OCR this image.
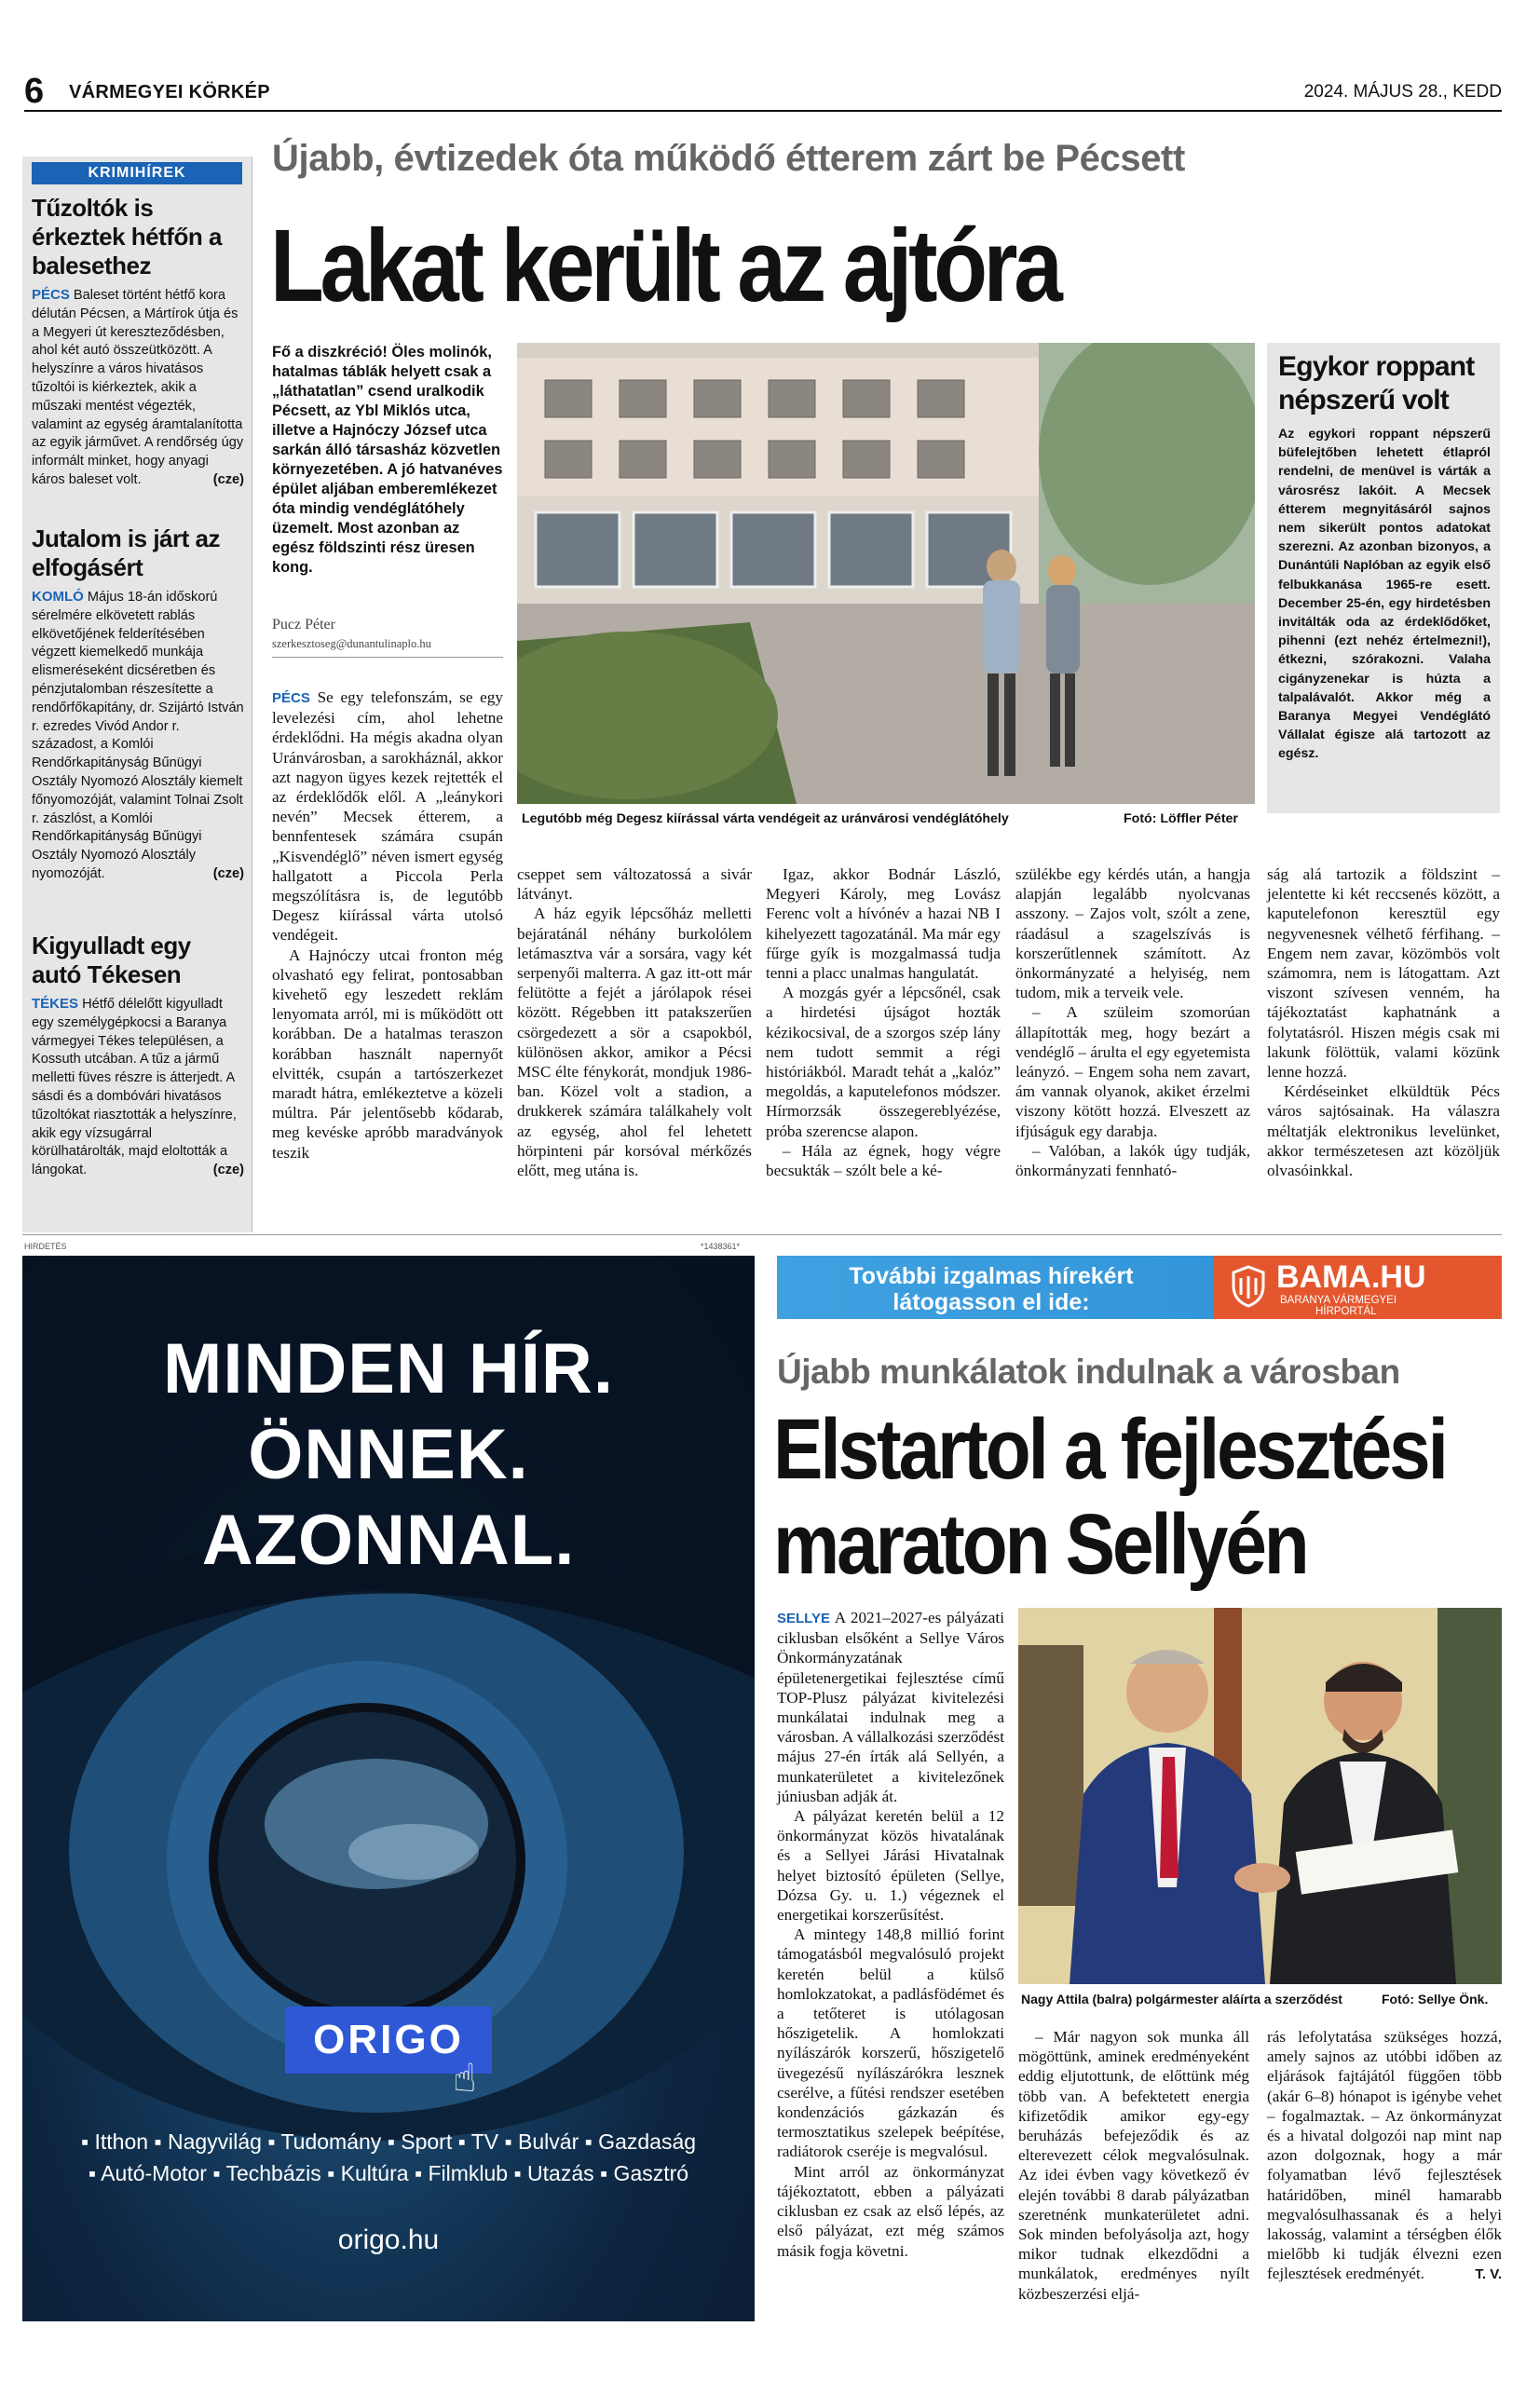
6 VÁRMEGYEI KÖRKÉP	2024. MÁJUS 28., KEDD
KRIMIHÍREK
Tűzoltók is érkeztek hétfőn a balesethez
PÉCS Baleset történt hétfő kora délután Pécsen, a Mártírok útja és a Megyeri út kereszteződésben, ahol két autó összeütközött. A helyszínre a város hivatásos tűzoltói is kiérkeztek, akik a műszaki mentést végezték, valamint az egység áramtalanította az egyik járművet. A rendőrség úgy informált minket, hogy anyagi káros baleset volt.	(cze)
Jutalom is járt az elfogásért
KOMLÓ Május 18-án időskorú sérelmére elkövetett rablás elkövetőjének felderítésében végzett kiemelkedő munkája elismeréseként dicséretben és pénzjutalomban részesítette a rendőrfőkapitány, dr. Szijártó István r. ezredes Vivód Andor r. századost, a Komlói Rendőrkapitányság Bűnügyi Osztály Nyomozó Alosztály kiemelt főnyomozóját, valamint Tolnai Zsolt r. zászlóst, a Komlói Rendőrkapitányság Bűnügyi Osztály Nyomozó Alosztály nyomozóját.	(cze)
Kigyulladt egy autó Tékesen
TÉKES Hétfő délelőtt kigyulladt egy személygépkocsi a Baranya vármegyei Tékes településen, a Kossuth utcában. A tűz a jármű melletti füves részre is átterjedt. A sásdi és a dombóvári hivatásos tűzoltókat riasztották a helyszínre, akik egy vízsugárral körülhatárolták, majd eloltották a lángokat.	(cze)
Újabb, évtizedek óta működő étterem zárt be Pécsett
Lakat került az ajtóra
Fő a diszkréció! Öles molinók, hatalmas táblák helyett csak a „láthatatlan” csend uralkodik Pécsett, az Ybl Miklós utca, illetve a Hajnóczy József utca sarkán álló társasház közvetlen környezetében. A jó hatvanéves épület aljában emberemlékezet óta mindig vendéglátóhely üzemelt. Most azonban az egész földszinti rész üresen kong.
Pucz Péter
szerkesztoseg@dunantulinaplo.hu
Legutóbb még Degesz kiírással várta vendégeit az uránvárosi vendéglátóhely	Fotó: Löffler Péter
Egykor roppant népszerű volt
Az egykori roppant népszerű büfelejtőben lehetett étlapról rendelni, de menüvel is várták a városrész lakóit. A Mecsek étterem megnyitásáról sajnos nem sikerült pontos adatokat szerezni. Az azonban bizonyos, a Dunántúli Naplóban az egyik első felbukkanása 1965-re esett. December 25-én, egy hirdetésben invitálták oda az érdeklődőket, pihenni (ezt nehéz értelmezni!), étkezni, szórakozni. Valaha cigányzenekar is húzta a talpalávalót. Akkor még a Baranya Megyei Vendéglátó Vállalat égisze alá tartozott az egész.

PÉCS Se egy telefonszám, se egy levelezési cím, ahol lehetne érdeklődni. Ha mégis akadna olyan Uránvárosban, a sarokháznál, akkor azt nagyon ügyes kezek rejtették el az érdeklődők elől. A „leánykori nevén” Mecsek étterem, a bennfentesek számára csupán „Kisvendéglő” néven ismert egység hallgatott a Piccola Perla megszólításra is, de legutóbb Degesz kiírással várta utolsó vendégeit.

A Hajnóczy utcai fronton még olvasható egy felirat, pontosabban kivehető egy leszedett reklám lenyomata arról, mi is működött ott korábban. De a hatalmas teraszon korábban használt napernyőt elvitték, csupán a tartószerkezet maradt hátra, emlékeztetve a közeli múltra. Pár jelentősebb kődarab, meg kevéske apróbb maradványok teszik

cseppet sem változatossá a sivár látványt.

A ház egyik lépcsőház melletti bejáratánál néhány burkolólem letámasztva vár a sorsára, vagy két serpenyői malterra. A gaz itt-ott már felütötte a fejét a járólapok rései között. Régebben itt patakszerűen csörgedezett a sör a csapokból, különösen akkor, amikor a Pécsi MSC élte fénykorát, mondjuk 1986-ban. Közel volt a stadion, a drukkerek számára találkahely volt az egység, ahol fel lehetett hörpinteni pár korsóval mérkőzés előtt, meg utána is.

Igaz, akkor Bodnár László, Megyeri Károly, meg Lovász Ferenc volt a hívónév a hazai NB I kihelyezett tagozatánál. Ma már egy fűrge gyík is mozgalmassá tudja tenni a placc unalmas hangulatát.

A mozgás gyér a lépcsőnél, csak a hirdetési újságot hozták kézikocsival, de a szorgos szép lány nem tudott semmit a régi históriákból. Maradt tehát a „kalóz” megoldás, a kaputelefonos módszer. Hírmorzsák összegereblyézése, próba szerencse alapon.

– Hála az égnek, hogy végre becsukták – szólt bele a ké-

szülékbe egy kérdés után, a hangja alapján legalább nyolcvanas asszony. – Zajos volt, szólt a zene, ráadásul a szagelszívás is korszerűtlennek számított. Az önkormányzaté a helyiség, nem tudom, mik a terveik vele.

– A szüleim szomorúan állapították meg, hogy bezárt a vendéglő – árulta el egy egyetemista leányzó. – Engem soha nem zavart, ám vannak olyanok, akiket érzelmi viszony kötött hozzá. Elveszett az ifjúságuk egy darabja.

– Valóban, a lakók úgy tudják, önkormányzati fennható-

ság alá tartozik a földszint – jelentette ki két reccsenés között, a kaputelefonon keresztül egy negyvenesnek vélhető férfihang. – Engem nem zavar, közömbös volt számomra, nem is látogattam. Azt viszont szívesen venném, ha tájékoztatást kaphatnánk a folytatásról. Hiszen mégis csak mi lakunk fölöttük, valami közünk lenne hozzá.

Kérdéseinket elküldtük Pécs város sajtósainak. Ha válaszra méltatják elektronikus levelünket, akkor természetesen azt közöljük olvasóinkkal.

HIRDETÉS	*1438361*
MINDEN HÍR.
ÖNNEK.
AZONNAL.
ORIGO
☝
▪ Itthon ▪ Nagyvilág ▪ Tudomány ▪ Sport ▪ TV ▪ Bulvár ▪ Gazdaság
▪ Autó-Motor ▪ Techbázis ▪ Kultúra ▪ Filmklub ▪ Utazás ▪ Gasztró
origo.hu
További izgalmas hírekért
látogasson el ide:
BAMA.HU
BARANYA VÁRMEGYEI
HÍRPORTÁL
Újabb munkálatok indulnak a városban
Elstartol a fejlesztési
maraton Sellyén

SELLYE A 2021–2027-es pályázati ciklusban elsőként a Sellye Város Önkormányzatának épületenergetikai fejlesztése című TOP-Plusz pályázat kivitelezési munkálatai indulnak meg a városban. A vállalkozási szerződést május 27-én írták alá Sellyén, a munkaterületet a kivitelezőnek júniusban adják át.

A pályázat keretén belül a 12 önkormányzat közös hivatalának és a Sellyei Járási Hivatalnak helyet biztosító épületen (Sellye, Dózsa Gy. u. 1.) végeznek el energetikai korszerűsítést.

A mintegy 148,8 millió forint támogatásból megvalósuló projekt keretén belül a külső homlokzatokat, a padlásfödémet és a tetőteret is utólagosan hőszigetelik. A homlokzati nyílászárók korszerű, hőszigetelő üvegezésű nyílászárókra lesznek cserélve, a fűtési rendszer esetében kondenzációs gázkazán és termosztatikus szelepek beépítése, radiátorok cseréje is megvalósul.

Mint arról az önkormányzat tájékoztatott, ebben a pályázati ciklusban ez csak az első lépés, az első pályázat, ezt még számos másik fogja követni.

Nagy Attila (balra) polgármester aláírta a szerződést	Fotó: Sellye Önk.

– Már nagyon sok munka áll mögöttünk, aminek eredményeként eddig eljutottunk, de előttünk még több van. A befektetett energia kifizetődik amikor egy-egy beruházás befejeződik és az elterevezett célok megvalósulnak. Az idei évben vagy következő év elején további 8 darab pályázatban szeretnénk munkaterületet adni. Sok minden befolyásolja azt, hogy mikor tudnak elkezdődni a munkálatok, eredményes nyílt közbeszerzési eljá-

rás lefolytatása szükséges hozzá, amely sajnos az utóbbi időben az eljárások fajtájától függően több (akár 6–8) hónapot is igénybe vehet – fogalmaztak. – Az önkormányzat és a hivatal dolgozói nap mint nap azon dolgoznak, hogy a már folyamatban lévő fejlesztések határidőben, minél hamarabb megvalósulhassanak és a helyi lakosság, valamint a térségben élők mielőbb ki tudják élvezni ezen fejlesztések eredményét.	T. V.
